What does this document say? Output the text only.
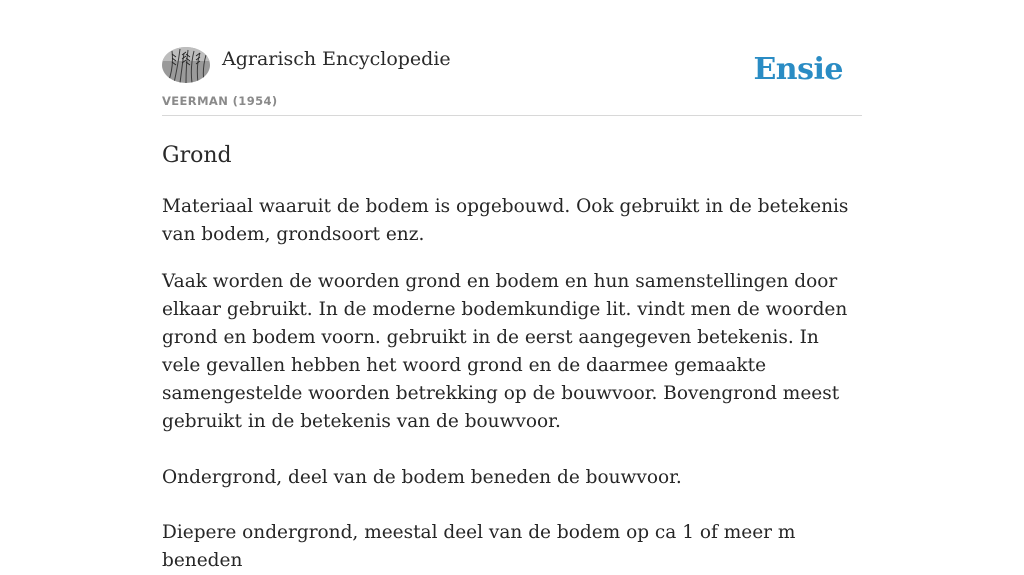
Agrarisch Encyclopedie
VEERMAN (1954)
Ensie
Grond

Materiaal waaruit de bodem is opgebouwd. Ook gebruikt in de betekenis van bodem, grondsoort enz.

Vaak worden de woorden grond en bodem en hun samenstellingen door elkaar gebruikt. In de moderne bodemkundige lit. vindt men de woorden grond en bodem voorn. gebruikt in de eerst aangegeven betekenis. In vele gevallen hebben het woord grond en de daarmee gemaakte samengestelde woorden betrekking op de bouwvoor. Bovengrond meest gebruikt in de betekenis van de bouwvoor.

Ondergrond, deel van de bodem beneden de bouwvoor.

Diepere ondergrond, meestal deel van de bodem op ca 1 of meer m beneden
